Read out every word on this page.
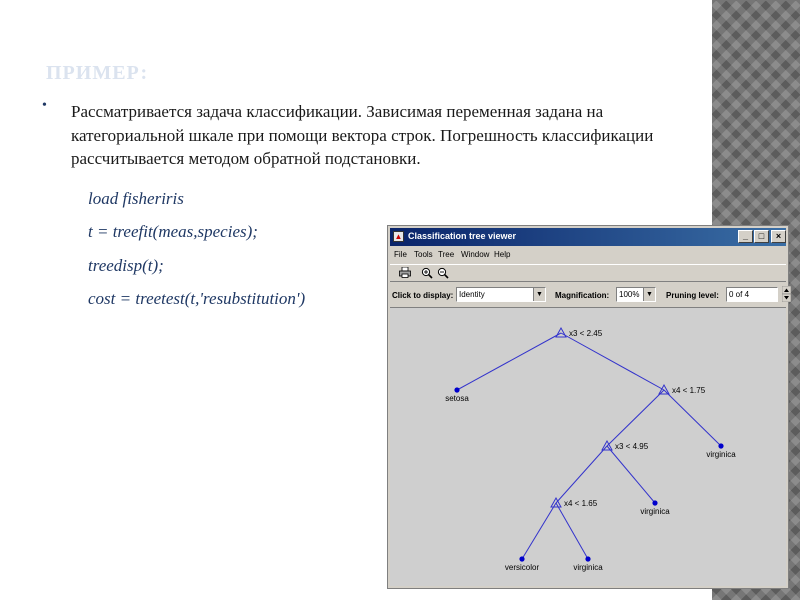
ПРИМЕР:
• Рассматривается задача классификации. Зависимая переменная задана на категориальной шкале при помощи вектора строк. Погрешность классификации рассчитывается методом обратной подстановки.

load fisheriris
t = treefit(meas,species);
treedisp(t);
cost = treetest(t,'resubstitution')
▲ Classification tree viewer	_	□	×
File Tools Tree Window Help
Click to display: Identity	▼ Magnification:	100% ▼ Pruning level:	0 of 4
x3 < 2.45
setosa
x4 < 1.75
x3 < 4.95
virginica
x4 < 1.65
virginica
versicolor	virginica
